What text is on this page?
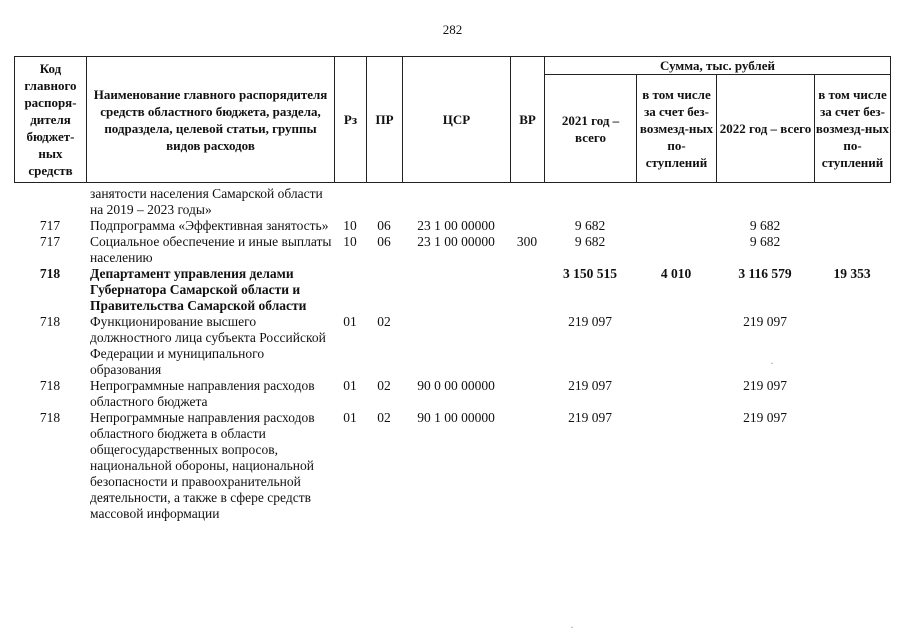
282
Код главного распоря-дителя бюджет-ных средств	Наименование главного распорядителя средств областного бюджета, раздела, подраздела, целевой статьи, группы видов расходов	Рз	ПР	ЦСР	ВР	Сумма, тыс. рублей			
						2021 год – всего	в том числе за счет без-возмезд-ных по-ступлений	2022 год – всего	в том числе за счет без-возмезд-ных по-ступлений
	занятости населения Самарской области на 2019 – 2023 годы»								
717	Подпрограмма «Эффективная занятость»	10	06	23 1 00 00000		9 682		9 682	
717	Социальное обеспечение и иные выплаты населению	10	06	23 1 00 00000	300	9 682		9 682	
718	Департамент управления делами Губернатора Самарской области и Правительства Самарской области					3 150 515	4 010	3 116 579	19 353
718	Функционирование высшего должностного лица субъекта Российской Федерации и муниципального образования	01	02			219 097		219 097	
718	Непрограммные направления расходов областного бюджета	01	02	90 0 00 00000		219 097		219 097	
718	Непрограммные направления расходов областного бюджета в области общегосударственных вопросов, национальной обороны, национальной безопасности и правоохранительной деятельности, а также в сфере средств массовой информации	01	02	90 1 00 00000		219 097		219 097	
·
·
